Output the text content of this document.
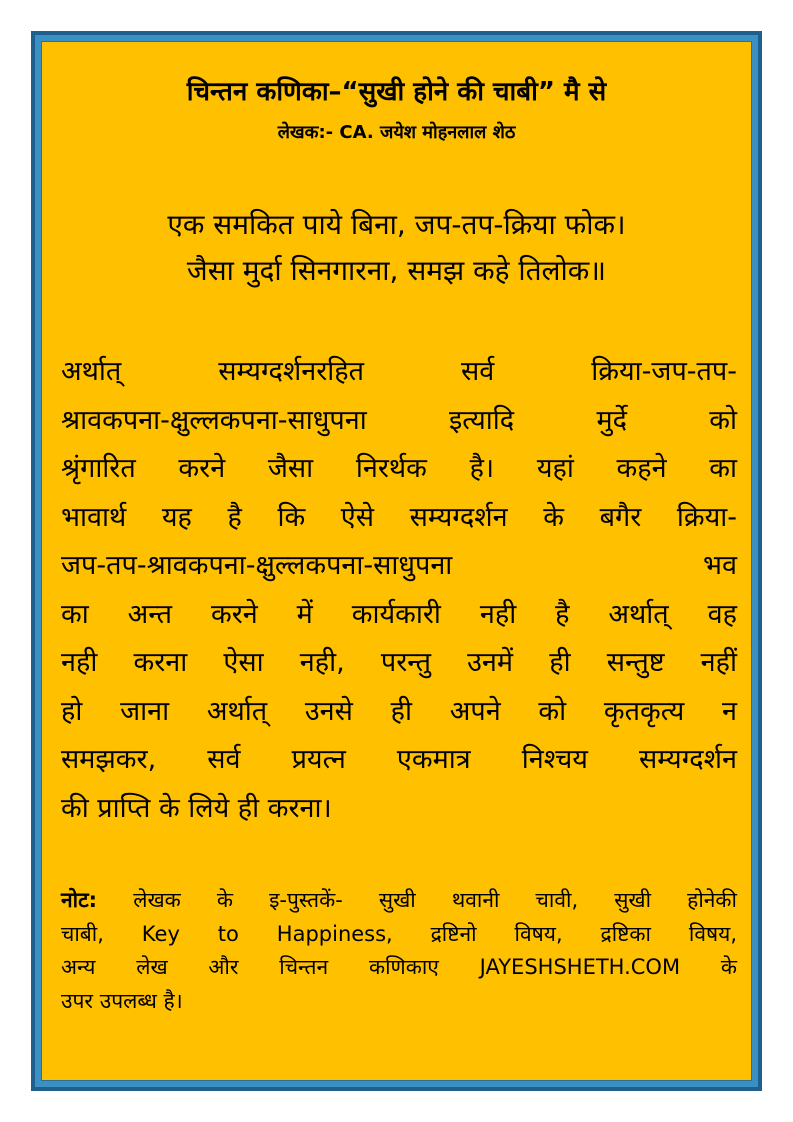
चिन्तन कणिका–“सुखी होने की चाबी” मै से
लेखक:- CA. जयेश मोहनलाल शेठ
एक समकित पाये बिना, जप-तप-क्रिया फोक।
जैसा मुर्दा सिनगारना, समझ कहे तिलोक॥
अर्थात् सम्यग्दर्शनरहित सर्व क्रिया-जप-तप-
श्रावकपना-क्षुल्लकपना-साधुपना इत्यादि मुर्दे को
श्रृंगारित करने जैसा निरर्थक है। यहां कहने का
भावार्थ यह है कि ऐसे सम्यग्दर्शन के बगैर क्रिया-
जप-तप-श्रावकपना-क्षुल्लकपना-साधुपना भव
का अन्त करने में कार्यकारी नही है अर्थात् वह
नही करना ऐसा नही, परन्तु उनमें ही सन्तुष्ट नहीं
हो जाना अर्थात् उनसे ही अपने को कृतकृत्य न
समझकर, सर्व प्रयत्न एकमात्र निश्चय सम्यग्दर्शन
की प्राप्ति के लिये ही करना।
नोट: लेखक के इ-पुस्तकें- सुखी थवानी चावी, सुखी होनेकी
चाबी, Key to Happiness, द्रष्टिनो विषय, द्रष्टिका विषय,
अन्य लेख और चिन्तन कणिकाए JAYESHSHETH.COM के
उपर उपलब्ध है।
